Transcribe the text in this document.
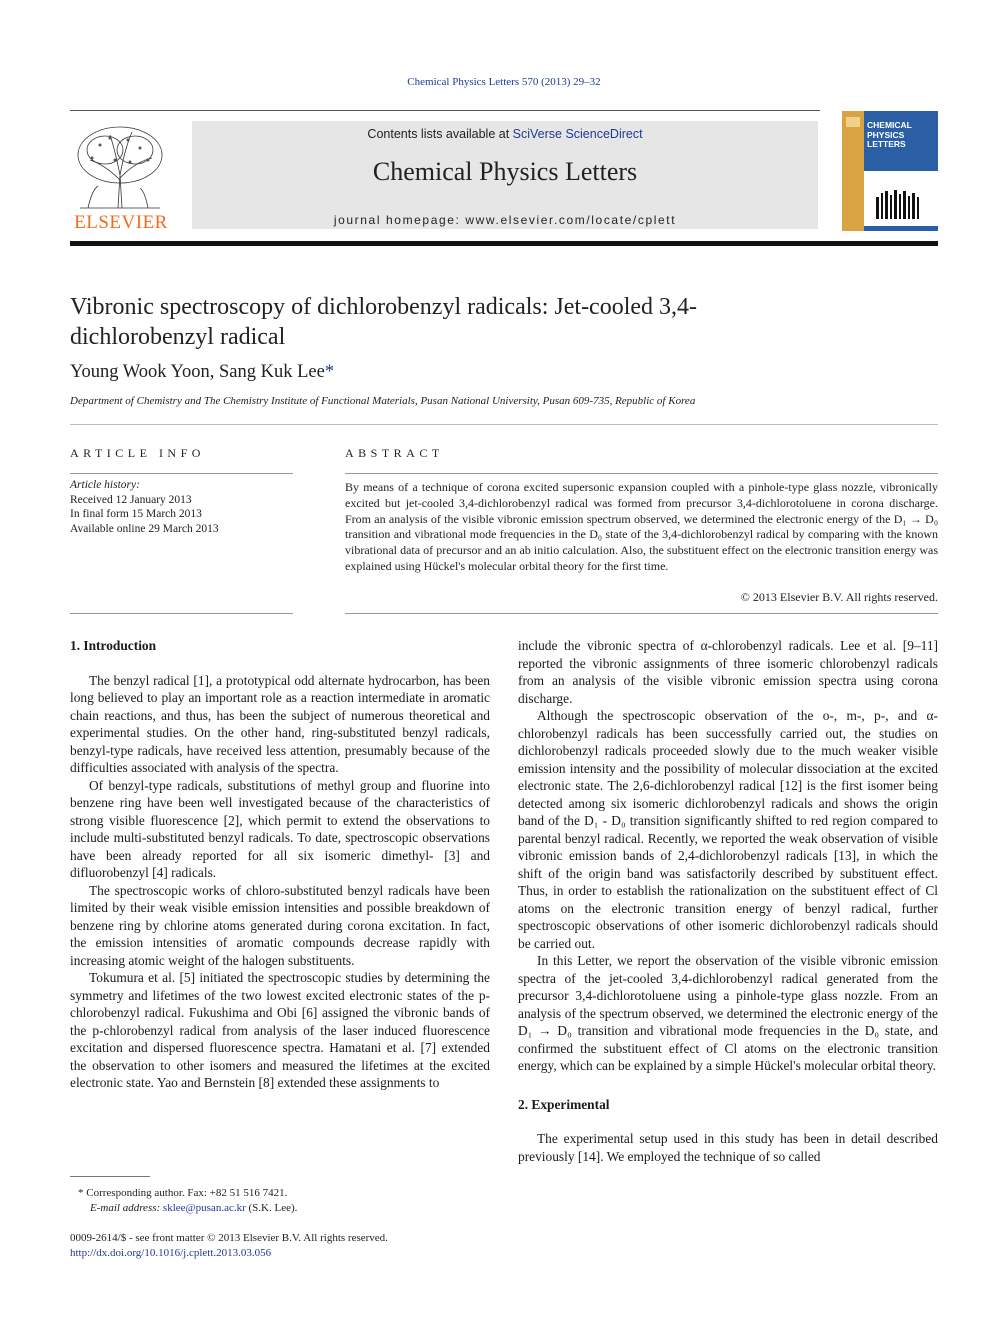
Chemical Physics Letters 570 (2013) 29–32
ELSEVIER
Contents lists available at SciVerse ScienceDirect
Chemical Physics Letters
journal homepage: www.elsevier.com/locate/cplett
CHEMICAL
PHYSICS
LETTERS
Vibronic spectroscopy of dichlorobenzyl radicals: Jet-cooled 3,4-dichlorobenzyl radical
Young Wook Yoon, Sang Kuk Lee*
Department of Chemistry and The Chemistry Institute of Functional Materials, Pusan National University, Pusan 609-735, Republic of Korea
ARTICLE INFO
Article history:
Received 12 January 2013
In final form 15 March 2013
Available online 29 March 2013
ABSTRACT
By means of a technique of corona excited supersonic expansion coupled with a pinhole-type glass nozzle, vibronically excited but jet-cooled 3,4-dichlorobenzyl radical was formed from precursor 3,4-dichlorotoluene in corona discharge. From an analysis of the visible vibronic emission spectrum observed, we determined the electronic energy of the D₁ → D₀ transition and vibrational mode frequencies in the D₀ state of the 3,4-dichlorobenzyl radical by comparing with the known vibrational data of precursor and an ab initio calculation. Also, the substituent effect on the electronic transition energy was explained using Hückel's molecular orbital theory for the first time.
© 2013 Elsevier B.V. All rights reserved.
1. Introduction

The benzyl radical [1], a prototypical odd alternate hydrocarbon, has been long believed to play an important role as a reaction intermediate in aromatic chain reactions, and thus, has been the subject of numerous theoretical and experimental studies. On the other hand, ring-substituted benzyl radicals, benzyl-type radicals, have received less attention, presumably because of the difficulties associated with analysis of the spectra.

Of benzyl-type radicals, substitutions of methyl group and fluorine into benzene ring have been well investigated because of the characteristics of strong visible fluorescence [2], which permit to extend the observations to include multi-substituted benzyl radicals. To date, spectroscopic observations have been already reported for all six isomeric dimethyl- [3] and difluorobenzyl [4] radicals.

The spectroscopic works of chloro-substituted benzyl radicals have been limited by their weak visible emission intensities and possible breakdown of benzene ring by chlorine atoms generated during corona excitation. In fact, the emission intensities of aromatic compounds decrease rapidly with increasing atomic weight of the halogen substituents.

Tokumura et al. [5] initiated the spectroscopic studies by determining the symmetry and lifetimes of the two lowest excited electronic states of the p-chlorobenzyl radical. Fukushima and Obi [6] assigned the vibronic bands of the p-chlorobenzyl radical from analysis of the laser induced fluorescence excitation and dispersed fluorescence spectra. Hamatani et al. [7] extended the observation to other isomers and measured the lifetimes at the excited electronic state. Yao and Bernstein [8] extended these assignments to

include the vibronic spectra of α-chlorobenzyl radicals. Lee et al. [9–11] reported the vibronic assignments of three isomeric chlorobenzyl radicals from an analysis of the visible vibronic emission spectra using corona discharge.

Although the spectroscopic observation of the o-, m-, p-, and α-chlorobenzyl radicals has been successfully carried out, the studies on dichlorobenzyl radicals proceeded slowly due to the much weaker visible emission intensity and the possibility of molecular dissociation at the excited electronic state. The 2,6-dichlorobenzyl radical [12] is the first isomer being detected among six isomeric dichlorobenzyl radicals and shows the origin band of the D₁ - D₀ transition significantly shifted to red region compared to parental benzyl radical. Recently, we reported the weak observation of visible vibronic emission bands of 2,4-dichlorobenzyl radicals [13], in which the shift of the origin band was satisfactorily described by substituent effect. Thus, in order to establish the rationalization on the substituent effect of Cl atoms on the electronic transition energy of benzyl radical, further spectroscopic observations of other isomeric dichlorobenzyl radicals should be carried out.

In this Letter, we report the observation of the visible vibronic emission spectra of the jet-cooled 3,4-dichlorobenzyl radical generated from the precursor 3,4-dichlorotoluene using a pinhole-type glass nozzle. From an analysis of the spectrum observed, we determined the electronic energy of the D₁ → D₀ transition and vibrational mode frequencies in the D₀ state, and confirmed the substituent effect of Cl atoms on the electronic transition energy, which can be explained by a simple Hückel's molecular orbital theory.

2. Experimental

The experimental setup used in this study has been in detail described previously [14]. We employed the technique of so called

* Corresponding author. Fax: +82 51 516 7421.
E-mail address: sklee@pusan.ac.kr (S.K. Lee).
0009-2614/$ - see front matter © 2013 Elsevier B.V. All rights reserved.
http://dx.doi.org/10.1016/j.cplett.2013.03.056
